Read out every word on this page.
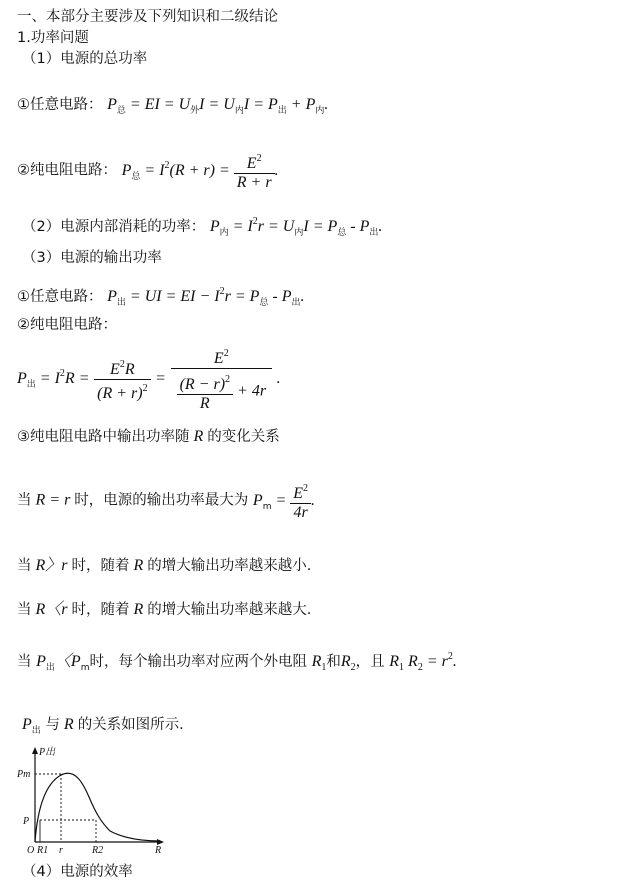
一、本部分主要涉及下列知识和二级结论
1.功率问题
（1）电源的总功率
①任意电路： $P_总$ = EI = $U_外I = U_内I = P_出 + P_内$.
②纯电阻电路： $P_总 = I^2(R + r) = \frac{E^2}{R + r}$ .
（2）电源内部消耗的功率： $P_内 = I^2r = U_内I = P_总 - P_出$.
（3）电源的输出功率
①任意电路： $P_出$ = UI = EI − $I^2r = P_总 - P_出$.
②纯电阻电路：
$P_出 = I^2R = \frac{E^2R}{(R + r)^2} = \frac{E^2}{\frac{(R - r)^2}{R} + 4r}$ .
③纯电阻电路中输出功率随 R 的变化关系
当 R = r 时，电源的输出功率最大为 $P_m = \frac{E^2}{4r}$ .
当 R〉r 时，随着 R 的增大输出功率越来越小.
当 R〈r 时，随着 R 的增大输出功率越来越大.
当 $P_出$〈$P_m$时，每个输出功率对应两个外电阻 $R_1$和$R_2$，且 $R_1$ $R_2 = r^2$.
$P_出$ 与 R 的关系如图所示.
P出
Pm
P
O R1 r	R2	R
（4）电源的效率
